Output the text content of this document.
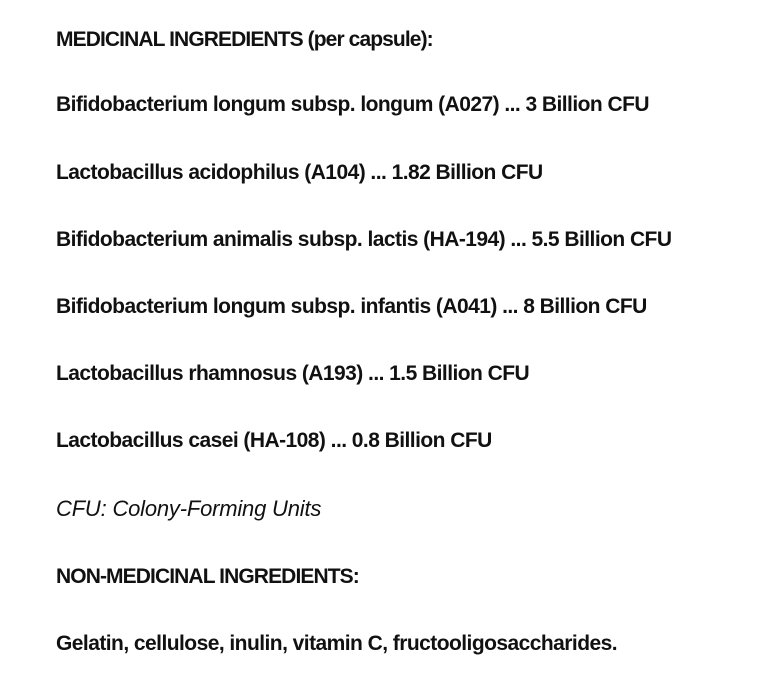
MEDICINAL INGREDIENTS (per capsule):
Bifidobacterium longum subsp. longum (A027) ... 3 Billion CFU
Lactobacillus acidophilus (A104) ... 1.82 Billion CFU
Bifidobacterium animalis subsp. lactis (HA-194) ... 5.5 Billion CFU
Bifidobacterium longum subsp. infantis (A041) ... 8 Billion CFU
Lactobacillus rhamnosus (A193) ... 1.5 Billion CFU
Lactobacillus casei (HA-108) ... 0.8 Billion CFU
CFU: Colony-Forming Units
NON-MEDICINAL INGREDIENTS:
Gelatin, cellulose, inulin, vitamin C, fructooligosaccharides.
